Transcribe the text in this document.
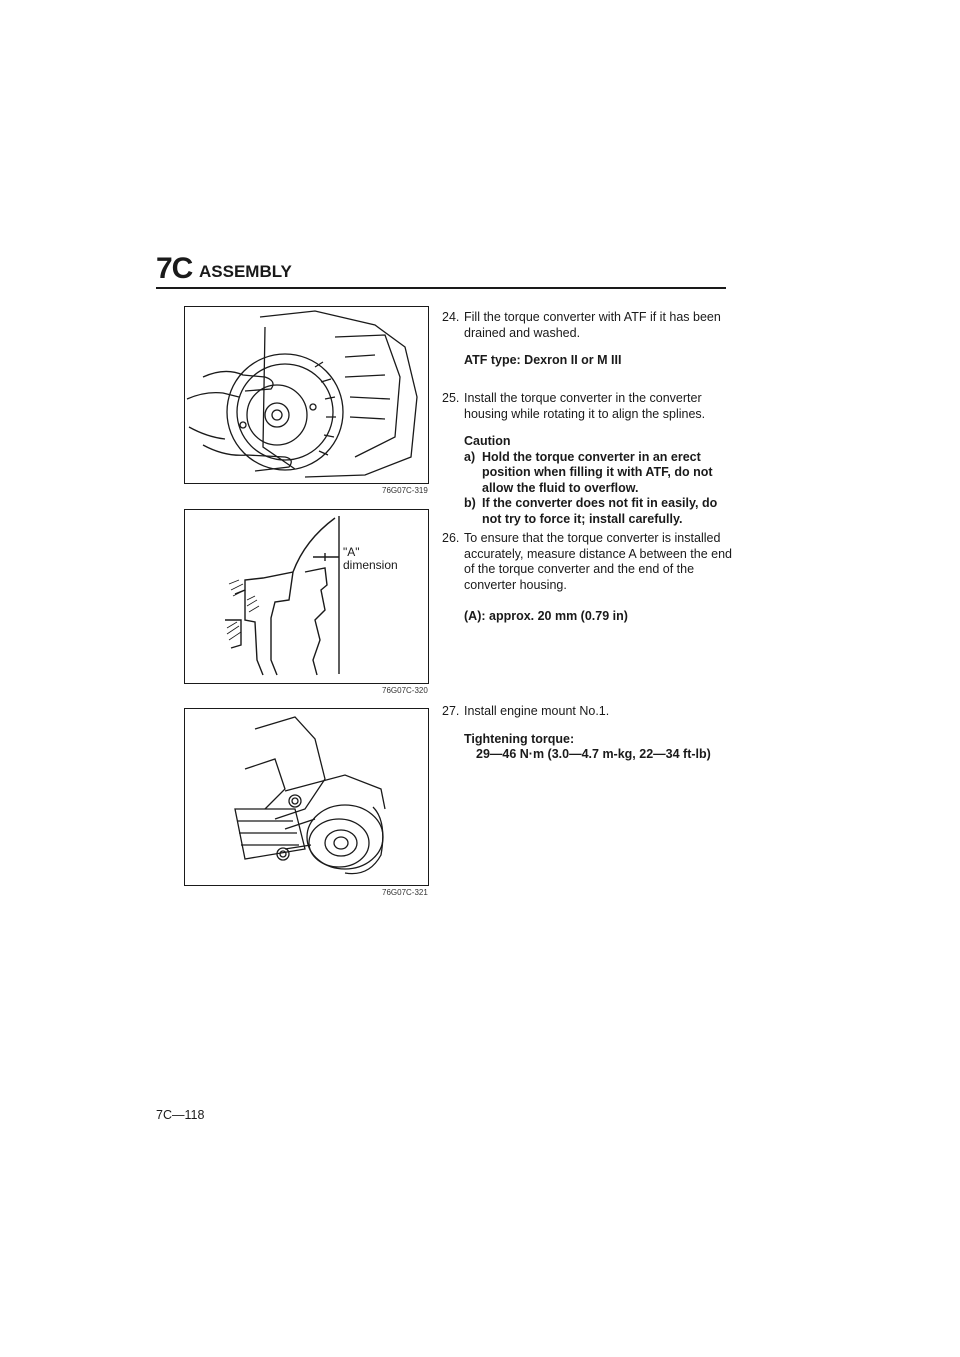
7C ASSEMBLY
76G07C-319
"A"
dimension
76G07C-320
76G07C-321
24. Fill the torque converter with ATF if it has been drained and washed.
ATF type: Dexron II or M III
25. Install the torque converter in the converter housing while rotating it to align the splines.
Caution
a) Hold the torque converter in an erect position when filling it with ATF, do not allow the fluid to overflow.
b) If the converter does not fit in easily, do not try to force it; install carefully.
26. To ensure that the torque converter is installed accurately, measure distance A between the end of the torque converter and the end of the converter housing.
(A): approx. 20 mm (0.79 in)
27. Install engine mount No.1.
Tightening torque:
29—46 N·m (3.0—4.7 m-kg, 22—34 ft-lb)
7C—118
